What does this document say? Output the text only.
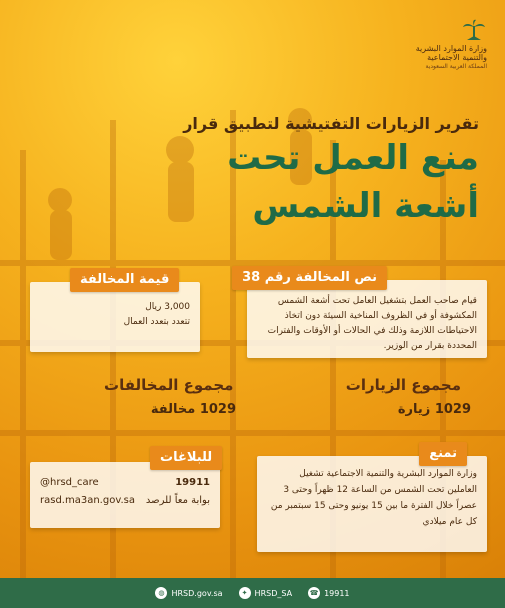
وزارة الموارد البشرية
والتنمية الاجتماعية
المملكة العربية السعودية
تقرير الزيارات التفتيشية لتطبيق قرار
منع العمل تحت
أشعة الشمس
قيام صاحب العمل بتشغيل العامل تحت أشعة الشمس المكشوفة أو في الظروف المناخية السيئة دون اتخاذ الاحتياطات اللازمة وذلك في الحالات أو الأوقات والفترات المحددة بقرار من الوزير.
نص المخالفة رقم 38
3,000 ريال
تتعدد بتعدد العمال
قيمة المخالفة
مجموع الزيارات
1029 زيارة
مجموع المخالفات
1029 مخالفة
وزارة الموارد البشرية والتنمية الاجتماعية تشغيل العاملين تحت الشمس من الساعة 12 ظهراً وحتى 3 عصراً خلال الفترة ما بين 15 يونيو وحتى 15 سبتمبر من كل عام ميلادي
تمنع
@hrsd_care	19911
rasd.ma3an.gov.sa بوابة معاً للرصد
للبلاغات
◍ HRSD.gov.sa	✦ HRSD_SA	☎ 19911
